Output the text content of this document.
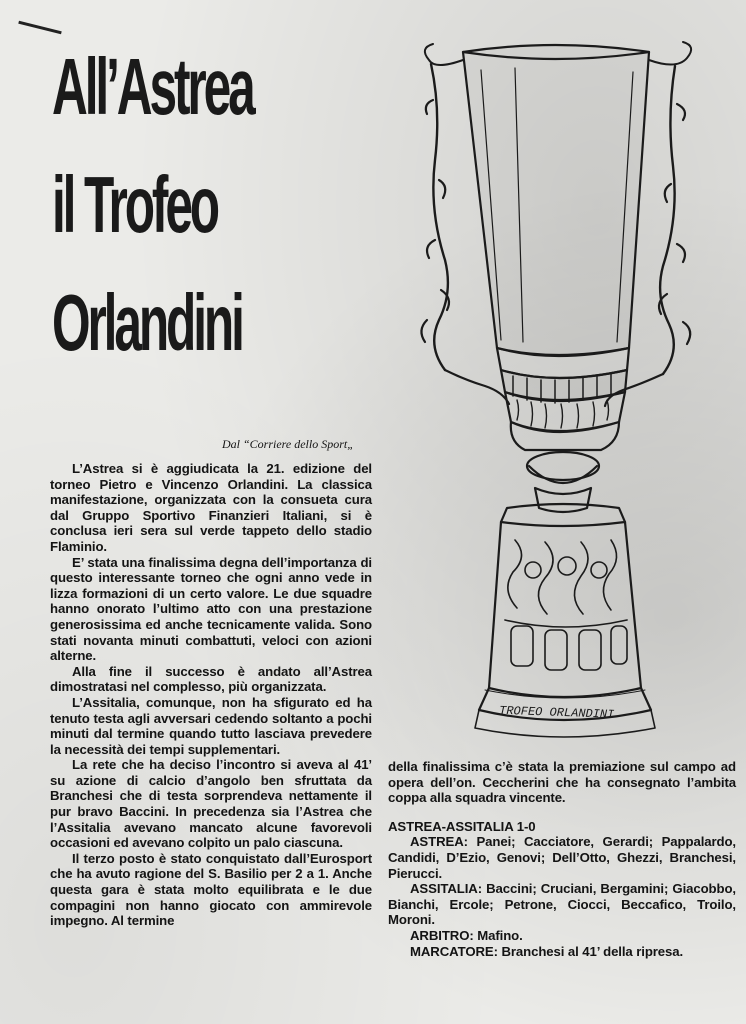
All’Astrea
il Trofeo
Orlandini
TROFEO ORLANDINI
Dal “Corriere dello Sport„

L’Astrea si è aggiudicata la 21. edizione del torneo Pietro e Vincenzo Orlandini. La classica manifestazione, organizzata con la consueta cura dal Gruppo Sportivo Finanzieri Italiani, si è conclusa ieri sera sul verde tappeto dello stadio Flaminio.

E’ stata una finalissima degna dell’importanza di questo interessante torneo che ogni anno vede in lizza formazioni di un certo valore. Le due squadre hanno onorato l’ultimo atto con una prestazione generosissima ed anche tecnicamente valida. Sono stati novanta minuti combattuti, veloci con azioni alterne.

Alla fine il successo è andato all’Astrea dimostratasi nel complesso, più organizzata.

L’Assitalia, comunque, non ha sfigurato ed ha tenuto testa agli avversari cedendo soltanto a pochi minuti dal termine quando tutto lasciava prevedere la necessità dei tempi supplementari.

La rete che ha deciso l’incontro si aveva al 41’ su azione di calcio d’angolo ben sfruttata da Branchesi che di testa sorprendeva nettamente il pur bravo Baccini. In precedenza sia l’Astrea che l’Assitalia avevano mancato alcune favorevoli occasioni ed avevano colpito un palo ciascuna.

Il terzo posto è stato conquistato dall’Eurosport che ha avuto ragione del S. Basilio per 2 a 1. Anche questa gara è stata molto equilibrata e le due compagini non hanno giocato con ammirevole impegno. Al termine

della finalissima c’è stata la premiazione sul campo ad opera dell’on. Ceccherini che ha consegnato l’ambita coppa alla squadra vincente.

ASTREA-ASSITALIA 1-0

ASTREA: Panei; Cacciatore, Gerardi; Pappalardo, Candidi, D’Ezio, Genovi; Dell’Otto, Ghezzi, Branchesi, Pierucci.

ASSITALIA: Baccini; Cruciani, Bergamini; Giacobbo, Bianchi, Ercole; Petrone, Ciocci, Beccafico, Troilo, Moroni.

ARBITRO: Mafino.

MARCATORE: Branchesi al 41’ della ripresa.
